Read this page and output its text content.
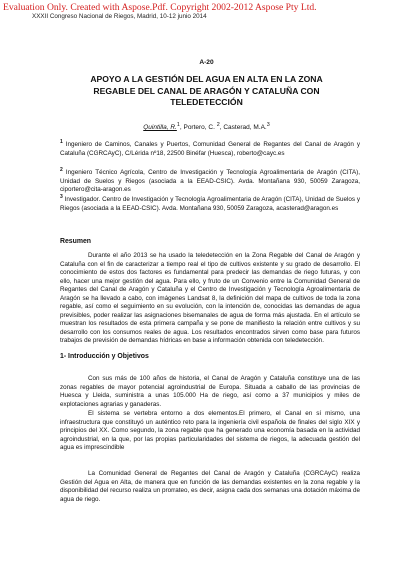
Evaluation Only. Created with Aspose.Pdf. Copyright 2002-2012 Aspose Pty Ltd.
XXXII Congreso Nacional de Riegos, Madrid, 10-12 junio 2014
A-20
APOYO A LA GESTIÓN DEL AGUA EN ALTA EN LA ZONA
REGABLE DEL CANAL DE ARAGÓN Y CATALUÑA CON
TELEDETECCIÓN
Quintilla, R.$^1$, Portero, C. $^2$, Casterad, M.A.$^3$
$^1$ Ingeniero de Caminos, Canales y Puertos, Comunidad General de Regantes del Canal de Aragón y Cataluña (CGRCAyC), C/Lérida nº18, 22500 Binéfar (Huesca), roberto@cayc.es
$^2$ Ingeniero Técnico Agrícola, Centro de Investigación y Tecnología Agroalimentaria de Aragón (CITA), Unidad de Suelos y Riegos (asociada a la EEAD-CSIC). Avda. Montañana 930, 50059 Zaragoza, ciportero@cita-aragon.es
$^3$ Investigador. Centro de Investigación y Tecnología Agroalimentaria de Aragón (CITA), Unidad de Suelos y Riegos (asociada a la EEAD-CSIC). Avda. Montañana 930, 50059 Zaragoza, acasterad@aragon.es
Resumen
Durante el año 2013 se ha usado la teledetección en la Zona Regable del Canal de Aragón y Cataluña con el fin de caracterizar a tiempo real el tipo de cultivos existente y su grado de desarrollo. El conocimiento de estos dos factores es fundamental para predecir las demandas de riego futuras, y con ello, hacer una mejor gestión del agua. Para ello, y fruto de un Convenio entre la Comunidad General de Regantes del Canal de Aragón y Cataluña y el Centro de Investigación y Tecnología Agroalimentaria de Aragón se ha llevado a cabo, con imágenes Landsat 8, la definición del mapa de cultivos de toda la zona regable, así como el seguimiento en su evolución, con la intención de, conocidas las demandas de agua previsibles, poder realizar las asignaciones bisemanales de agua de forma más ajustada. En el artículo se muestran los resultados de esta primera campaña y se pone de manifiesto la relación entre cultivos y su desarrollo con los consumos reales de agua. Los resultados encontrados sirven como base para futuros trabajos de previsión de demandas hídricas en base a información obtenida con teledetección.
1- Introducción y Objetivos
Con sus más de 100 años de historia, el Canal de Aragón y Cataluña constituye una de las zonas regables de mayor potencial agroindustrial de Europa. Situada a caballo de las provincias de Huesca y Lleida, suministra a unas 105.000 Ha de riego, así como a 37 municipios y miles de explotaciones agrarias y ganaderas.
El sistema se vertebra entorno a dos elementos.El primero, el Canal en sí mismo, una infraestructura que constituyó un auténtico reto para la ingeniería civil española de finales del siglo XIX y principios del XX. Como segundo, la zona regable que ha generado una economía basada en la actividad agroindustrial, en la que, por las propias particularidades del sistema de riegos, la adecuada gestión del agua es imprescindible
La Comunidad General de Regantes del Canal de Aragón y Cataluña (CGRCAyC) realiza Gestión del Agua en Alta, de manera que en función de las demandas existentes en la zona regable y la disponibilidad del recurso realiza un prorrateo, es decir, asigna cada dos semanas una dotación máxima de agua de riego.
